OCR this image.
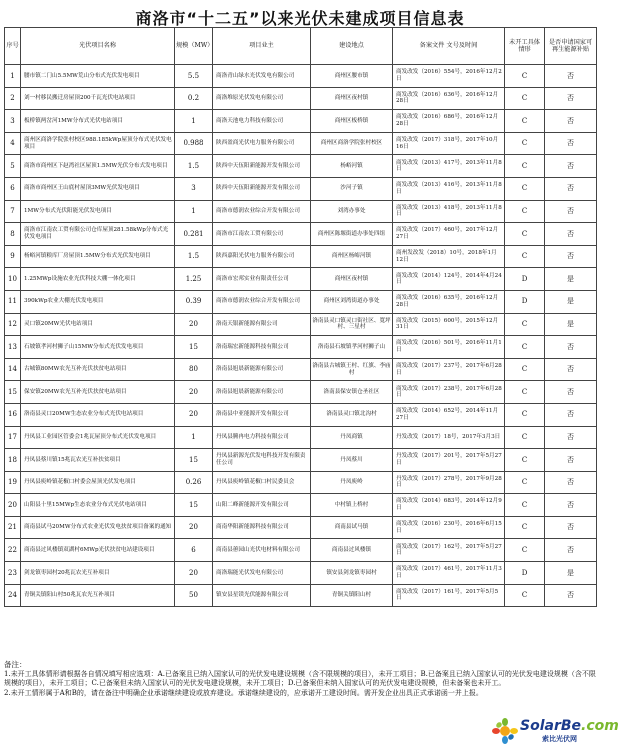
商洛市“十二五”以来光伏未建成项目信息表
序号	光伏项目名称	规模（MW）	项目业主	建设地点	备案文件 文号及时间	未开工具体情形	是否申请国家可再生能源补贴
1	腰市镇二门山5.5MW荒山分布式光伏发电项目	5.5	商洛青山绿水光伏发电有限公司	商州区腰市镇	商发改发（2016）554号，2016年12月2日	C	否
2	刘一村移民搬迁房屋顶200千瓦光伏电站项目	0.2	商洛堆原光伏发电有限公司	商州区夜村镇	商发改发（2016）636号，2016年12月28日	C	否
3	板桥镇两岔河1MW分布式光伏电站项目	1	商洛天池电力科技有限公司	商州区板桥镇	商发改发（2016）686号，2016年12月28日	C	否
4	商州区商洛学院张村校区988.185kWp屋顶分布式光伏发电项目	0.988	陕西盈商光伏电力服务有限公司	商州区商洛学院张村校区	商发改发（2017）318号，2017年10月16日	C	否
5	商洛市商州区下赵湾社区屋顶1.5MW光伏分布式发电项目	1.5	陕西中天伍阳新能源开发有限公司	杨峪河镇	商发改发（2013）417号，2013年11月8日	C	否
6	商洛市商州区王山底村屋顶3MW光伏发电项目	3	陕西中天伍阳新能源开发有限公司	沙河子镇	商发改发（2013）416号，2013年11月8日	C	否
7	1MW分布式光伏阳能光伏发电项目	1	商洛市德润农业综合开发有限公司	刘湾办事处	商发改发（2013）418号，2013年11月8日	C	否
8	商洛市江南农工贸有限公司仓库屋顶281.58kWp分布式光伏发电项目	0.281	商洛市江南农工贸有限公司	商州区陈塬街道办事处四组	商发改发（2017）460号，2017年12月27日	C	否
9	杨峪河镇粮库厂房屋顶1.5MW分布式光伏发电项目	1.5	陕西嘉阳光伏电力服务有限公司	商州区杨峪河镇	商州发改发（2018）10号，2018年1月12日	C	否
10	1.25MWp设施农业光伏科技大棚一体化项目	1.25	商洛市宏邦实业有限责任公司	商州区夜村镇	商发改发（2014）124号，2014年4月24日	D	是
11	390kWp农业大棚光伏发电项目	0.39	商洛市德润农业综合开发有限公司	商州区刘湾街道办事处	商发改发（2016）635号，2016年12月28日	D	是
12	灵口镇20MW光伏电站项目	20	洛南天银新能源有限公司	洛南县灵口镇灵口街社区、寬坪村、三星村	商发改发（2015）600号，2015年12月31日	C	是
13	石坡镇孝河村狮子山15MW分布式光伏发电项目	15	洛南瑞宏新能源科技有限公司	洛南县石坡镇孝河村狮子山	商发改发（2016）501号，2016年11月1日	C	否
14	古城镇80MW农光互补光伏扶贫电站项目	80	洛南县旭晨新能源有限公司	洛南县古城镇王村、红旗、李庙村	商发改发（2017）237号，2017年6月28日	C	否
15	保安镇20MW农光互补光伏扶贫电站项目	20	洛南县旭晨新能源有限公司	洛南县保安镇仓圣社区	商发改发（2017）238号，2017年6月28日	C	否
16	洛南县灵口20MW生态农业分布式光伏电站项目	20	洛南县中亚能源开发有限公司	洛南县灵口镇北沟村	商发改发（2014）652号，2014年11月27日	C	否
17	丹凤县工业园区管委会1兆瓦屋顶分布式光伏发电项目	1	丹凤县腾冉电力科技有限公司	丹凤商镇	丹发改发（2017）18号，2017年3月3日	C	否
18	丹凤县蔡川镇15兆瓦农光互补扶贫项目	15	丹凤县新源光伏发电科技开发有限责任公司	丹凤蔡川	丹发改发（2017）201号，2017年5月27日	C	否
19	丹凤县庾岭镇花椒口村委会屋顶光伏发电项目	0.26	丹凤县庾岭镇花椒口村民委员会	丹凤庾岭	丹发改发（2017）278号，2017年9月28日	C	否
20	山阳县十里15MWp生态农业分布式光伏电站项目	15	山阳二峰新能源开发有限公司	中村镇上桥村	商发改发（2014）683号，2014年12月9日	C	否
21	商南县试马20MW分布式农业光伏发电扶贫项目备案的通知	20	商南华阳新能源科技有限公司	商南县试马镇	商发改发（2016）230号，2016年6月15日	C	否
22	商南县过风楼镇双湖村6MWp光伏扶贫电站建设项目	6	商南县蕙园山光伏电材料有限公司	商南县过风楼镇	商发改发（2017）162号，2017年5月27日	C	否
23	剑龙镇枣园村20兆瓦农光互补项目	20	商洛瑞能光伏发电有限公司	镇安县剑龙镇枣园村	商发改发（2017）461号，2017年11月3日	D	是
24	青铜关镇阳山村50兆瓦农光互补项目	50	镇安县星镁光伏能源有限公司	青铜关镇阳山村	商发改发（2017）161号，2017年5月5日	C	否
备注：
1.未开工具体情形请根据各自情况填写相应选项：A.已备案且已纳入国家认可的光伏发电建设规模（含不限规模的项目），未开工项目；B.已备案且已纳入国家认可的光伏发电建设规模（含不限规模的项目），未开工项目；C.已备案但未纳入国家认可的光伏发电建设规模，未开工项目；D.已备案但未纳入国家认可的光伏发电建设规模，但未备案也未开工。
2.未开工情形属于A和B的，请在备注中明确企业承诺继续建设或放弃建设。承诺继续建设的，应承诺开工建设时间。需开发企业出具正式承诺函一并上报。
SolarBe.com
索比光伏网
